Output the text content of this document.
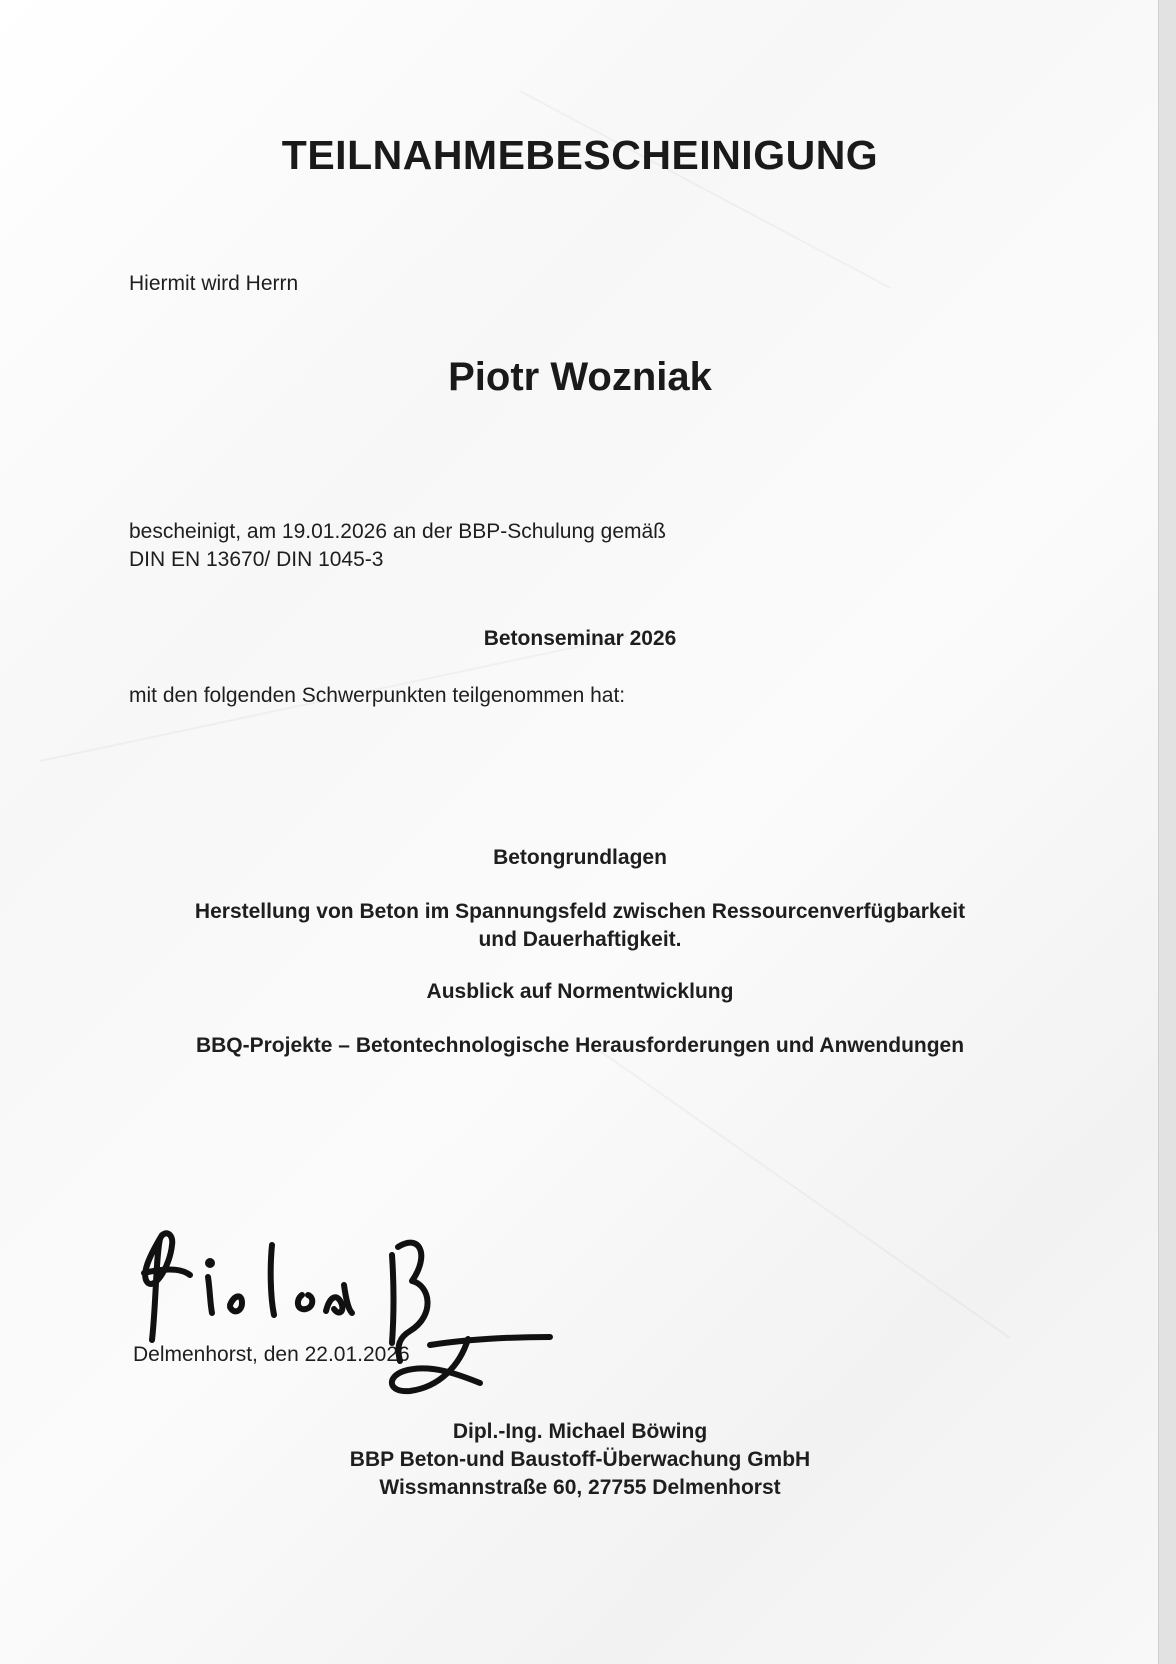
TEILNAHMEBESCHEINIGUNG
Hiermit wird Herrn
Piotr Wozniak
bescheinigt, am 19.01.2026 an der BBP-Schulung gemäß
DIN EN 13670/ DIN 1045-3
Betonseminar 2026
mit den folgenden Schwerpunkten teilgenommen hat:

Betongrundlagen

Herstellung von Beton im Spannungsfeld zwischen Ressourcenverfügbarkeit
und Dauerhaftigkeit.

Ausblick auf Normentwicklung

BBQ-Projekte – Betontechnologische Herausforderungen und Anwendungen

Delmenhorst, den 22.01.2026
Dipl.-Ing. Michael Böwing
BBP Beton-und Baustoff-Überwachung GmbH
Wissmannstraße 60, 27755 Delmenhorst
